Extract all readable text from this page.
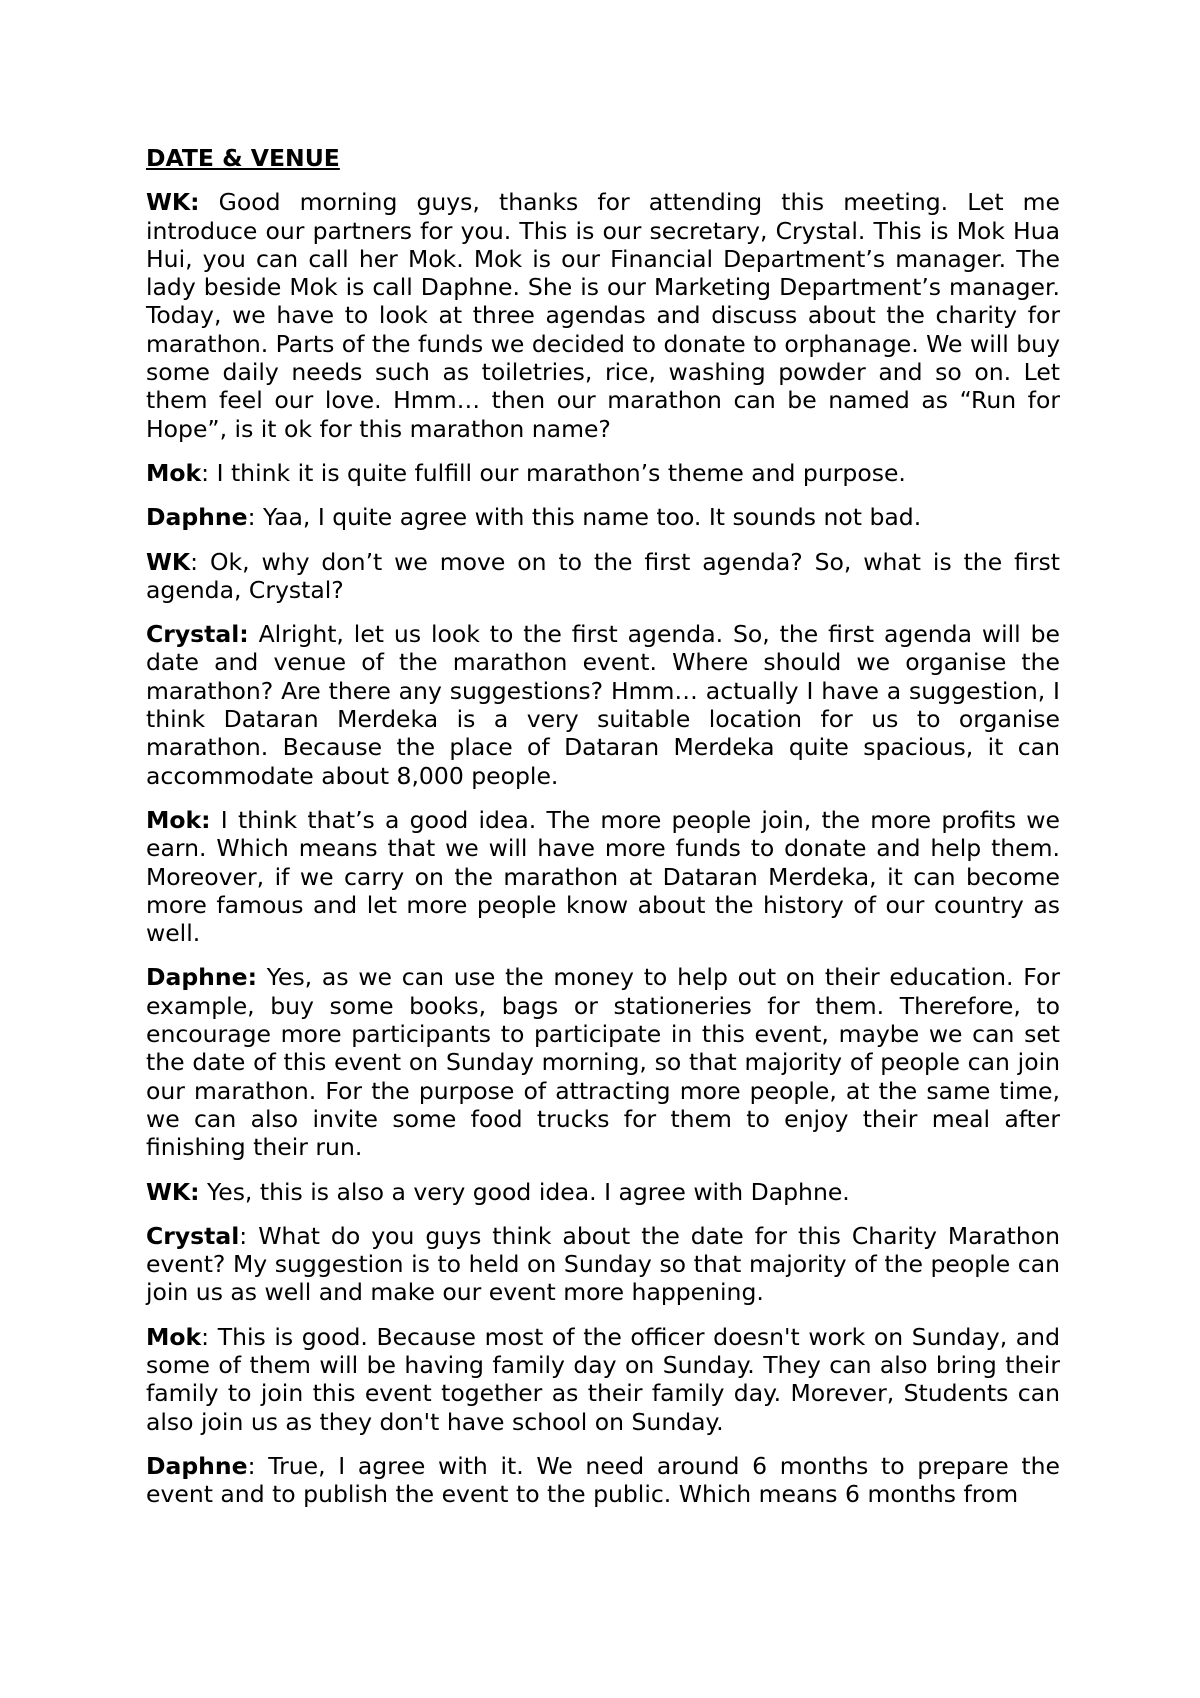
DATE & VENUE

WK: Good morning guys, thanks for attending this meeting. Let me introduce our partners for you. This is our secretary, Crystal. This is Mok Hua Hui, you can call her Mok. Mok is our Financial Department’s manager. The lady beside Mok is call Daphne. She is our Marketing Department’s manager. Today, we have to look at three agendas and discuss about the charity for marathon. Parts of the funds we decided to donate to orphanage. We will buy some daily needs such as toiletries, rice, washing powder and so on. Let them feel our love. Hmm… then our marathon can be named as “Run for Hope”, is it ok for this marathon name?

Mok: I think it is quite fulfill our marathon’s theme and purpose.

Daphne: Yaa, I quite agree with this name too. It sounds not bad.

WK: Ok, why don’t we move on to the first agenda? So, what is the first agenda, Crystal?

Crystal: Alright, let us look to the first agenda. So, the first agenda will be date and venue of the marathon event. Where should we organise the marathon? Are there any suggestions? Hmm… actually I have a suggestion, I think Dataran Merdeka is a very suitable location for us to organise marathon. Because the place of Dataran Merdeka quite spacious, it can accommodate about 8,000 people.

Mok: I think that’s a good idea. The more people join, the more profits we earn. Which means that we will have more funds to donate and help them. Moreover, if we carry on the marathon at Dataran Merdeka, it can become more famous and let more people know about the history of our country as well.

Daphne: Yes, as we can use the money to help out on their education. For example, buy some books, bags or stationeries for them. Therefore, to encourage more participants to participate in this event, maybe we can set the date of this event on Sunday morning, so that majority of people can join our marathon. For the purpose of attracting more people, at the same time, we can also invite some food trucks for them to enjoy their meal after finishing their run.

WK: Yes, this is also a very good idea. I agree with Daphne.

Crystal: What do you guys think about the date for this Charity Marathon event? My suggestion is to held on Sunday so that majority of the people can join us as well and make our event more happening.

Mok: This is good. Because most of the officer doesn't work on Sunday, and some of them will be having family day on Sunday. They can also bring their family to join this event together as their family day. Morever, Students can also join us as they don't have school on Sunday.

Daphne: True, I agree with it. We need around 6 months to prepare the event and to publish the event to the public. Which means 6 months from
